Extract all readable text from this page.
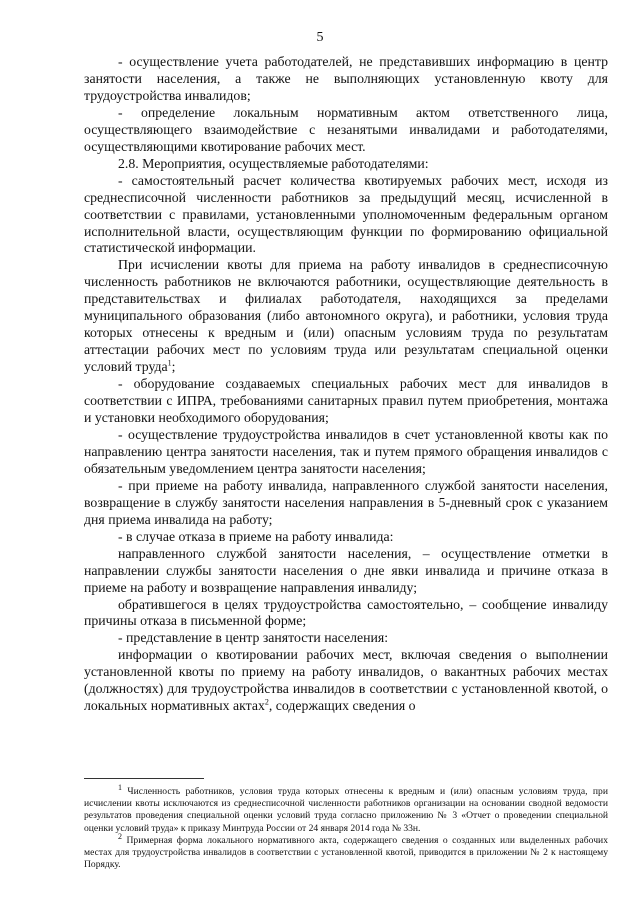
5

- осуществление учета работодателей, не представивших информацию в центр занятости населения, а также не выполняющих установленную квоту для трудоустройства инвалидов;

- определение локальным нормативным актом ответственного лица, осуществляющего взаимодействие с незанятыми инвалидами и работодателями, осуществляющими квотирование рабочих мест.

2.8. Мероприятия, осуществляемые работодателями:

- самостоятельный расчет количества квотируемых рабочих мест, исходя из среднесписочной численности работников за предыдущий месяц, исчисленной в соответствии с правилами, установленными уполномоченным федеральным органом исполнительной власти, осуществляющим функции по формированию официальной статистической информации.

При исчислении квоты для приема на работу инвалидов в среднесписочную численность работников не включаются работники, осуществляющие деятельность в представительствах и филиалах работодателя, находящихся за пределами муниципального образования (либо автономного округа), и работники, условия труда которых отнесены к вредным и (или) опасным условиям труда по результатам аттестации рабочих мест по условиям труда или результатам специальной оценки условий труда$^1$;

- оборудование создаваемых специальных рабочих мест для инвалидов в соответствии с ИПРА, требованиями санитарных правил путем приобретения, монтажа и установки необходимого оборудования;

- осуществление трудоустройства инвалидов в счет установленной квоты как по направлению центра занятости населения, так и путем прямого обращения инвалидов с обязательным уведомлением центра занятости населения;

- при приеме на работу инвалида, направленного службой занятости населения, возвращение в службу занятости населения направления в 5-дневный срок с указанием дня приема инвалида на работу;

- в случае отказа в приеме на работу инвалида:

направленного службой занятости населения, – осуществление отметки в направлении службы занятости населения о дне явки инвалида и причине отказа в приеме на работу и возвращение направления инвалиду;

обратившегося в целях трудоустройства самостоятельно, – сообщение инвалиду причины отказа в письменной форме;

- представление в центр занятости населения:

информации о квотировании рабочих мест, включая сведения о выполнении установленной квоты по приему на работу инвалидов, о вакантных рабочих местах (должностях) для трудоустройства инвалидов в соответствии с установленной квотой, о локальных нормативных актах$^2$, содержащих сведения о

$^1$ Численность работников, условия труда которых отнесены к вредным и (или) опасным условиям труда, при исчислении квоты исключаются из среднесписочной численности работников организации на основании сводной ведомости результатов проведения специальной оценки условий труда согласно приложению № 3 «Отчет о проведении специальной оценки условий труда» к приказу Минтруда России от 24 января 2014 года № 33н.

$^2$ Примерная форма локального нормативного акта, содержащего сведения о созданных или выделенных рабочих местах для трудоустройства инвалидов в соответствии с установленной квотой, приводится в приложении № 2 к настоящему Порядку.
